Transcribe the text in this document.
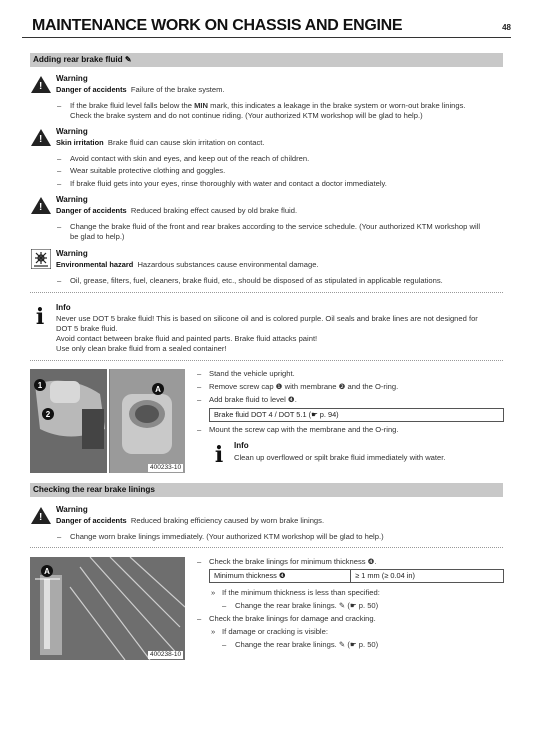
MAINTENANCE WORK ON CHASSIS AND ENGINE	48
Adding rear brake fluid ✎
!
Warning
Danger of accidents Failure of the brake system.
– If the brake fluid level falls below the MIN mark, this indicates a leakage in the brake system or worn-out brake linings.
Check the brake system and do not continue riding. (Your authorized KTM workshop will be glad to help.)
!
Warning
Skin irritation Brake fluid can cause skin irritation on contact.
– Avoid contact with skin and eyes, and keep out of the reach of children.
– Wear suitable protective clothing and goggles.
– If brake fluid gets into your eyes, rinse thoroughly with water and contact a doctor immediately.
!
Warning
Danger of accidents Reduced braking effect caused by old brake fluid.
– Change the brake fluid of the front and rear brakes according to the service schedule. (Your authorized KTM workshop will
be glad to help.)
Warning
Environmental hazard Hazardous substances cause environmental damage.
– Oil, grease, filters, fuel, cleaners, brake fluid, etc., should be disposed of as stipulated in applicable regulations.
i Info
Never use DOT 5 brake fluid! This is based on silicone oil and is colored purple. Oil seals and brake lines are not designed for
DOT 5 brake fluid.
Avoid contact between brake fluid and painted parts. Brake fluid attacks paint!
Use only clean brake fluid from a sealed container!
1
2
A
400233-10
– Stand the vehicle upright.
– Remove screw cap ❶ with membrane ❷ and the O-ring.
– Add brake fluid to level ❹.
Brake fluid DOT 4 / DOT 5.1 (☛ p. 94)
– Mount the screw cap with the membrane and the O-ring.
i Info
Clean up overflowed or spilt brake fluid immediately with water.
Checking the rear brake linings
!
Warning
Danger of accidents Reduced braking efficiency caused by worn brake linings.
– Change worn brake linings immediately. (Your authorized KTM workshop will be glad to help.)
A
400238-10
– Check the brake linings for minimum thickness ❹.
Minimum thickness ❹	≥ 1 mm (≥ 0.04 in)
» If the minimum thickness is less than specified:
– Change the rear brake linings. ✎ (☛ p. 50)
– Check the brake linings for damage and cracking.
» If damage or cracking is visible:
– Change the rear brake linings. ✎ (☛ p. 50)
